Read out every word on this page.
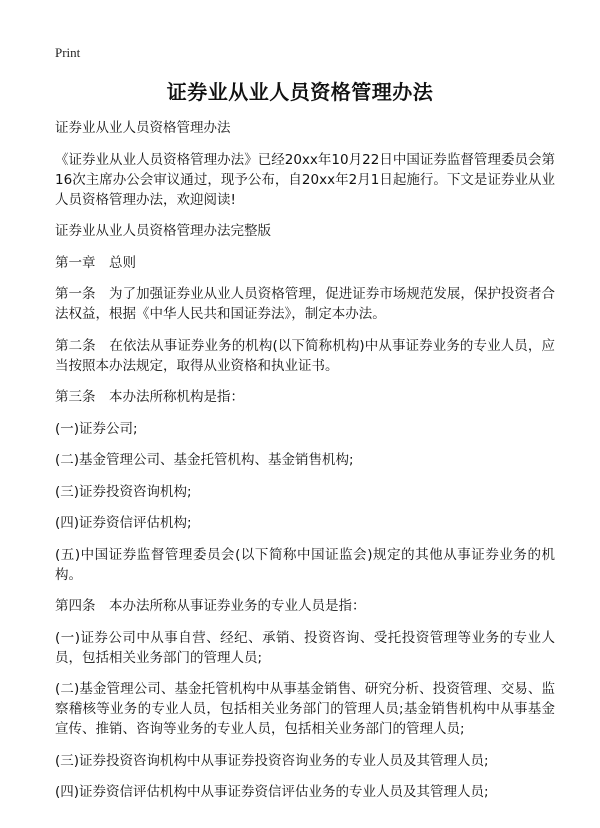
Print
证券业从业人员资格管理办法

证券业从业人员资格管理办法

《证券业从业人员资格管理办法》已经20xx年10月22日中国证券监督管理委员会第16次主席办公会审议通过，现予公布，自20xx年2月1日起施行。下文是证券业从业人员资格管理办法，欢迎阅读!

证券业从业人员资格管理办法完整版

第一章　总则

第一条　为了加强证券业从业人员资格管理，促进证券市场规范发展，保护投资者合法权益，根据《中华人民共和国证券法》，制定本办法。

第二条　在依法从事证券业务的机构(以下简称机构)中从事证券业务的专业人员，应当按照本办法规定，取得从业资格和执业证书。

第三条　本办法所称机构是指：

(一)证券公司;

(二)基金管理公司、基金托管机构、基金销售机构;

(三)证券投资咨询机构;

(四)证券资信评估机构;

(五)中国证券监督管理委员会(以下简称中国证监会)规定的其他从事证券业务的机构。

第四条　本办法所称从事证券业务的专业人员是指：

(一)证券公司中从事自营、经纪、承销、投资咨询、受托投资管理等业务的专业人员，包括相关业务部门的管理人员;

(二)基金管理公司、基金托管机构中从事基金销售、研究分析、投资管理、交易、监察稽核等业务的专业人员，包括相关业务部门的管理人员;基金销售机构中从事基金宣传、推销、咨询等业务的专业人员，包括相关业务部门的管理人员;

(三)证券投资咨询机构中从事证券投资咨询业务的专业人员及其管理人员;

(四)证券资信评估机构中从事证券资信评估业务的专业人员及其管理人员;
